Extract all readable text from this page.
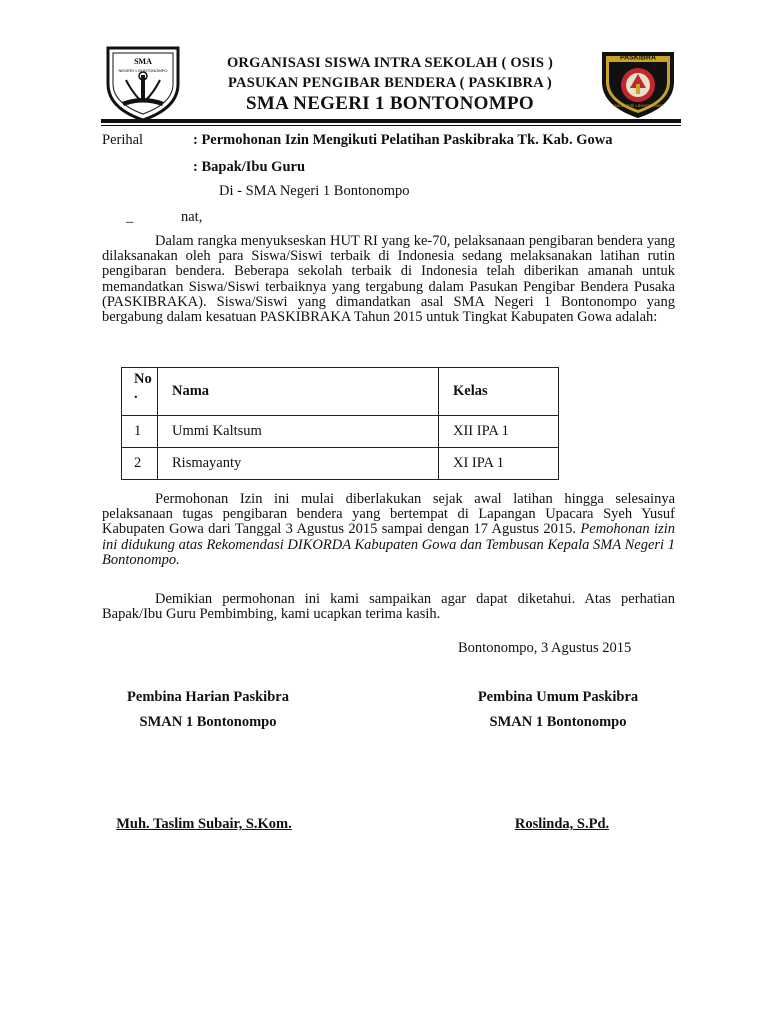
SMA
NEGERI 1 BONTONOMPO	ORGANISASI SISWA INTRA SEKOLAH ( OSIS )
PASUKAN PENGIBAR BENDERA ( PASKIBRA )
SMA NEGERI 1 BONTONOMPO
PASKIBRA
SMA NEGERI 1 BONTONOMPO
Perihal	: Permohonan Izin Mengikuti Pelatihan Paskibraka Tk. Kab. Gowa
: Bapak/Ibu Guru
Di - SMA Negeri 1 Bontonompo
_	nat,

Dalam rangka menyukseskan HUT RI yang ke-70, pelaksanaan pengibaran bendera yang dilaksanakan oleh para Siswa/Siswi terbaik di Indonesia sedang melaksanakan latihan rutin pengibaran bendera. Beberapa sekolah terbaik di Indonesia telah diberikan amanah untuk memandatkan Siswa/Siswi terbaiknya yang tergabung dalam Pasukan Pengibar Bendera Pusaka (PASKIBRAKA). Siswa/Siswi yang dimandatkan asal SMA Negeri 1 Bontonompo yang bergabung dalam kesatuan PASKIBRAKA Tahun 2015 untuk Tingkat Kabupaten Gowa adalah:

No
.	Nama	Kelas
1	Ummi Kaltsum	XII IPA 1
2	Rismayanty	XI IPA 1

Permohonan Izin ini mulai diberlakukan sejak awal latihan hingga selesainya pelaksanaan tugas pengibaran bendera yang bertempat di Lapangan Upacara Syeh Yusuf Kabupaten Gowa dari Tanggal 3 Agustus 2015 sampai dengan 17 Agustus 2015. Pemohonan izin ini didukung atas Rekomendasi DIKORDA Kabupaten Gowa dan Tembusan Kepala SMA Negeri 1 Bontonompo.

Demikian permohonan ini kami sampaikan agar dapat diketahui. Atas perhatian Bapak/Ibu Guru Pembimbing, kami ucapkan terima kasih.

Bontonompo, 3 Agustus 2015
Pembina Harian Paskibra
SMAN 1 Bontonompo
Pembina Umum Paskibra
SMAN 1 Bontonompo
Muh. Taslim Subair, S.Kom.	Roslinda, S.Pd.
